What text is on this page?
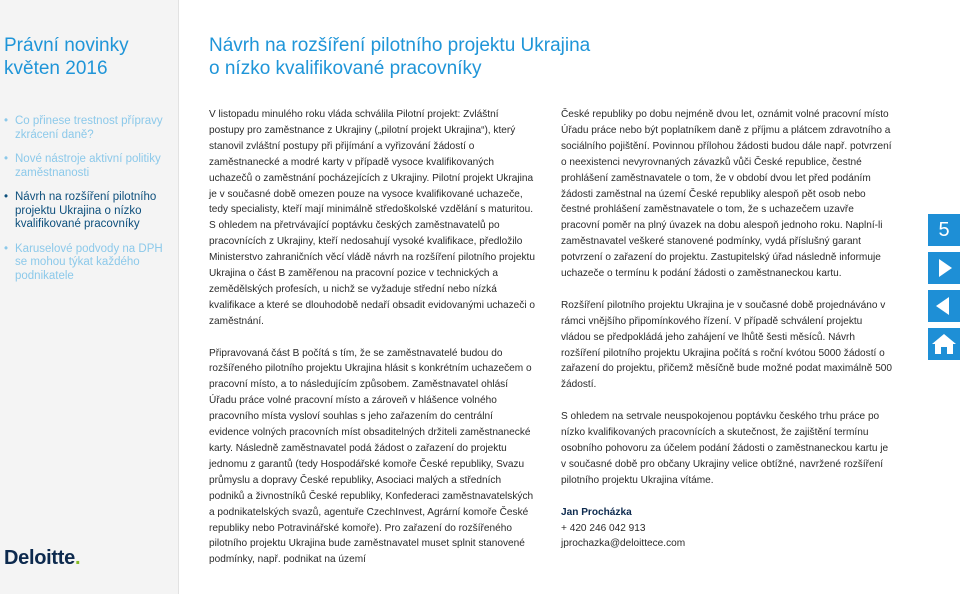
Právní novinky
květen 2016
• Co přinese trestnost přípravy zkrácení daně?
• Nové nástroje aktivní politiky zaměstnanosti
• Návrh na rozšíření pilotního projektu Ukrajina o nízko kvalifikované pracovníky
• Karuselové podvody na DPH se mohou týkat každého podnikatele
Deloitte.
Návrh na rozšíření pilotního projektu Ukrajina
o nízko kvalifikované pracovníky

V listopadu minulého roku vláda schválila Pilotní projekt: Zvláštní postupy pro zaměstnance z Ukrajiny („pilotní projekt Ukrajina“), který stanovil zvláštní postupy při přijímání a vyřizování žádostí o zaměstnanecké a modré karty v případě vysoce kvalifikovaných uchazečů o zaměstnání pocházejících z Ukrajiny. Pilotní projekt Ukrajina je v současné době omezen pouze na vysoce kvalifikované uchazeče, tedy specialisty, kteří mají minimálně středoškolské vzdělání s maturitou. S ohledem na přetrvávající poptávku českých zaměstnavatelů po pracovnících z Ukrajiny, kteří nedosahují vysoké kvalifikace, předložilo Ministerstvo zahraničních věcí vládě návrh na rozšíření pilotního projektu Ukrajina o část B zaměřenou na pracovní pozice v technických a zemědělských profesích, u nichž se vyžaduje střední nebo nízká kvalifikace a které se dlouhodobě nedaří obsadit evidovanými uchazeči o zaměstnání.

Připravovaná část B počítá s tím, že se zaměstnavatelé budou do rozšířeného pilotního projektu Ukrajina hlásit s konkrétním uchazečem o pracovní místo, a to následujícím způsobem. Zaměstnavatel ohlásí Úřadu práce volné pracovní místo a zároveň v hlášence volného pracovního místa vysloví souhlas s jeho zařazením do centrální evidence volných pracovních míst obsaditelných držiteli zaměstnanecké karty. Následně zaměstnavatel podá žádost o zařazení do projektu jednomu z garantů (tedy Hospodářské komoře České republiky, Svazu průmyslu a dopravy České republiky, Asociaci malých a středních podniků a živnostníků České republiky, Konfederaci zaměstnavatelských a podnikatelských svazů, agentuře CzechInvest, Agrární komoře České republiky nebo Potravinářské komoře). Pro zařazení do rozšířeného pilotního projektu Ukrajina bude zaměstnavatel muset splnit stanovené podmínky, např. podnikat na území

České republiky po dobu nejméně dvou let, oznámit volné pracovní místo Úřadu práce nebo být poplatníkem daně z příjmu a plátcem zdravotního a sociálního pojištění. Povinnou přílohou žádosti budou dále např. potvrzení o neexistenci nevyrovnaných závazků vůči České republice, čestné prohlášení zaměstnavatele o tom, že v období dvou let před podáním žádosti zaměstnal na území České republiky alespoň pět osob nebo čestné prohlášení zaměstnavatele o tom, že s uchazečem uzavře pracovní poměr na plný úvazek na dobu alespoň jednoho roku. Naplní-li zaměstnavatel veškeré stanovené podmínky, vydá příslušný garant potvrzení o zařazení do projektu. Zastupitelský úřad následně informuje uchazeče o termínu k podání žádosti o zaměstnaneckou kartu.

Rozšíření pilotního projektu Ukrajina je v současné době projednáváno v rámci vnějšího připomínkového řízení. V případě schválení projektu vládou se předpokládá jeho zahájení ve lhůtě šesti měsíců. Návrh rozšíření pilotního projektu Ukrajina počítá s roční kvótou 5000 žádostí o zařazení do projektu, přičemž měsíčně bude možné podat maximálně 500 žádostí.

S ohledem na setrvale neuspokojenou poptávku českého trhu práce po nízko kvalifikovaných pracovnících a skutečnost, že zajištění termínu osobního pohovoru za účelem podání žádosti o zaměstnaneckou kartu je v současné době pro občany Ukrajiny velice obtížné, navržené rozšíření pilotního projektu Ukrajina vítáme.

Jan Procházka

+ 420 246 042 913

jprochazka@deloittece.com

5
